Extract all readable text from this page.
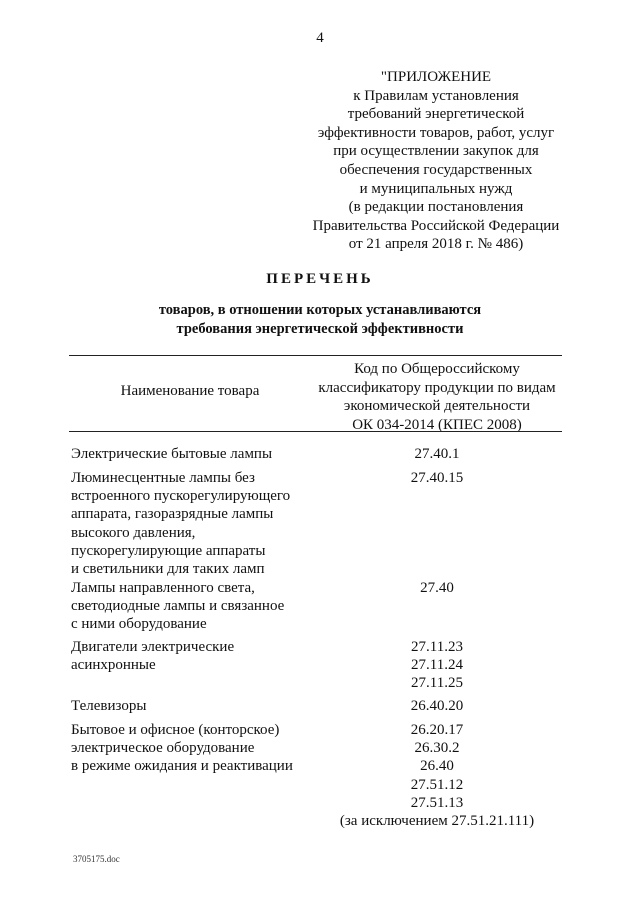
4
"ПРИЛОЖЕНИЕ
к Правилам установления
требований энергетической
эффективности товаров, работ, услуг
при осуществлении закупок для
обеспечения государственных
и муниципальных нужд
(в редакции постановления
Правительства Российской Федерации
от 21 апреля 2018 г. № 486)
ПЕРЕЧЕНЬ
товаров, в отношении которых устанавливаются
требования энергетической эффективности
Наименование товара
Код по Общероссийскому
классификатору продукции по видам
экономической деятельности
ОК 034-2014 (КПЕС 2008)
Электрические бытовые лампы	27.40.1
Люминесцентные лампы без
встроенного пускорегулирующего
аппарата, газоразрядные лампы
высокого давления,
пускорегулирующие аппараты
и светильники для таких ламп
27.40.15
Лампы направленного света,
светодиодные лампы и связанное
с ними оборудование
27.40
Двигатели электрические
асинхронные
27.11.23
27.11.24
27.11.25
Телевизоры	26.40.20
Бытовое и офисное (конторское)
электрическое оборудование
в режиме ожидания и реактивации
26.20.17
26.30.2
26.40
27.51.12
27.51.13
(за исключением 27.51.21.111)
3705175.doc
